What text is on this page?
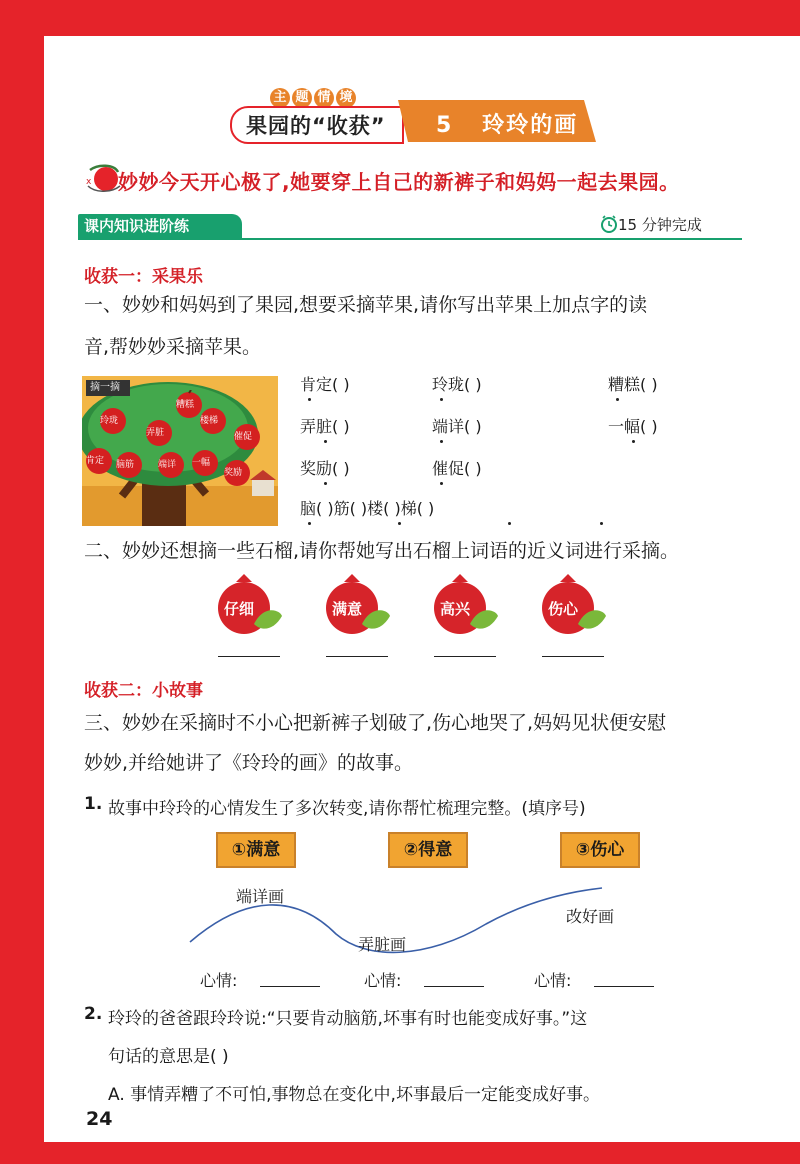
主 题 情 境
果园的“收获” 5 玲玲的画
x 妙妙今天开心极了,她要穿上自己的新裤子和妈妈一起去果园。
课内知识进阶练	15 分钟完成
收获一：采果乐
一、妙妙和妈妈到了果园,想要采摘苹果,请你写出苹果上加点字的读
音,帮妙妙采摘苹果。
摘一摘
糟糕
玲珑	楼梯
催促
弄脏
肯定 脑筋	端详 一幅
奖励
肯定( )	玲珑( )	糟糕( )
弄脏( )	端详( )	一幅( )
奖励( )	催促( )
脑( )筋( )楼( )梯( )
二、妙妙还想摘一些石榴,请你帮她写出石榴上词语的近义词进行采摘。
仔细	满意	高兴	伤心
收获二：小故事
三、妙妙在采摘时不小心把新裤子划破了,伤心地哭了,妈妈见状便安慰
妙妙,并给她讲了《玲玲的画》的故事。
1. 故事中玲玲的心情发生了多次转变,请你帮忙梳理完整。(填序号)
①满意	②得意	③伤心
端详画
弄脏画
改好画
心情:	心情:	心情:
2. 玲玲的爸爸跟玲玲说:“只要肯动脑筋,坏事有时也能变成好事。”这
句话的意思是( )
A. 事情弄糟了不可怕,事物总在变化中,坏事最后一定能变成好事。
24
